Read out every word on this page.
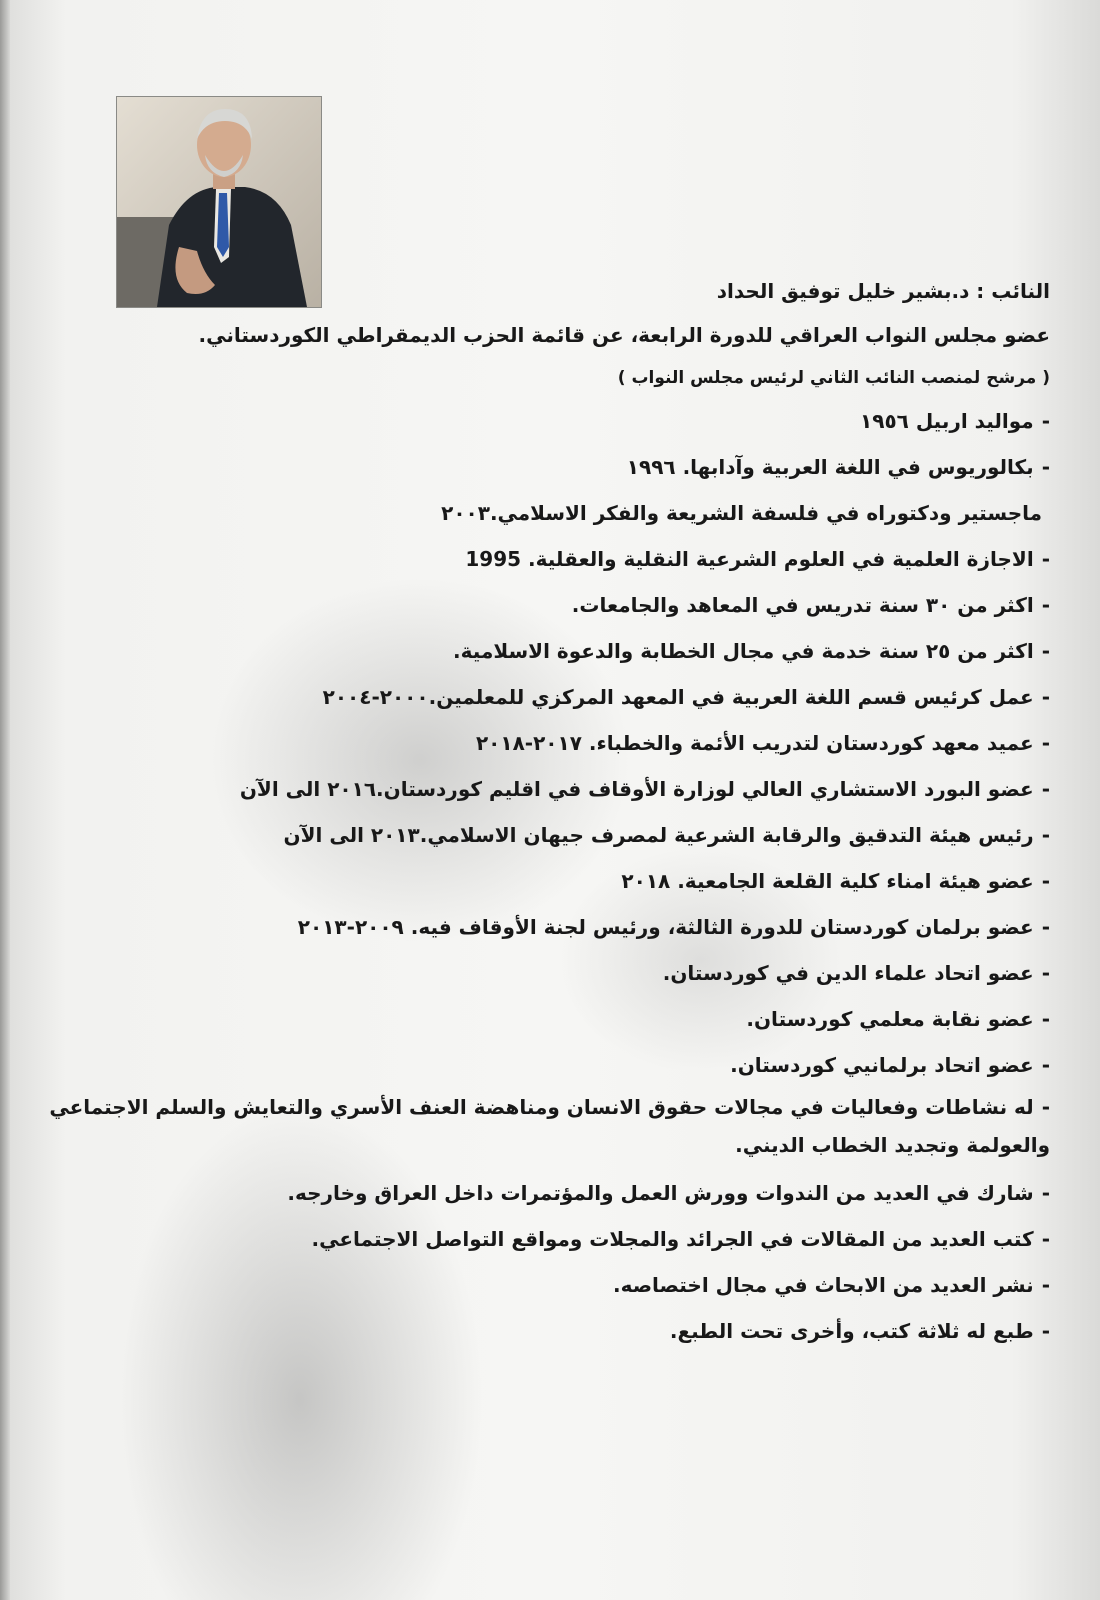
النائب : د.بشير خليل توفيق الحداد
عضو مجلس النواب العراقي للدورة الرابعة، عن قائمة الحزب الديمقراطي الكوردستاني.
( مرشح لمنصب النائب الثاني لرئيس مجلس النواب )
-مواليد اربيل ١٩٥٦
-بكالوريوس في اللغة العربية وآدابها. ١٩٩٦
ماجستير ودكتوراه في فلسفة الشريعة والفكر الاسلامي.٢٠٠٣
-الاجازة العلمية في العلوم الشرعية النقلية والعقلية. 1995
-اكثر من ٣٠ سنة تدريس في المعاهد والجامعات.
-اكثر من ٢٥ سنة خدمة في مجال الخطابة والدعوة الاسلامية.
-عمل كرئيس قسم اللغة العربية في المعهد المركزي للمعلمين.٢٠٠٠-٢٠٠٤
-عميد معهد كوردستان لتدريب الأئمة والخطباء. ٢٠١٧-٢٠١٨
-عضو البورد الاستشاري العالي لوزارة الأوقاف في اقليم كوردستان.٢٠١٦ الى الآن
-رئيس هيئة التدقيق والرقابة الشرعية لمصرف جيهان الاسلامي.٢٠١٣ الى الآن
-عضو هيئة امناء كلية القلعة الجامعية. ٢٠١٨
-عضو برلمان كوردستان للدورة الثالثة، ورئيس لجنة الأوقاف فيه. ٢٠٠٩-٢٠١٣
-عضو اتحاد علماء الدين في كوردستان.
-عضو نقابة معلمي كوردستان.
-عضو اتحاد برلمانيي كوردستان.
-له نشاطات وفعاليات في مجالات حقوق الانسان ومناهضة العنف الأسري والتعايش والسلم الاجتماعي والعولمة وتجديد الخطاب الديني.
-شارك في العديد من الندوات وورش العمل والمؤتمرات داخل العراق وخارجه.
-كتب العديد من المقالات في الجرائد والمجلات ومواقع التواصل الاجتماعي.
-نشر العديد من الابحاث في مجال اختصاصه.
-طبع له ثلاثة كتب، وأخرى تحت الطبع.
